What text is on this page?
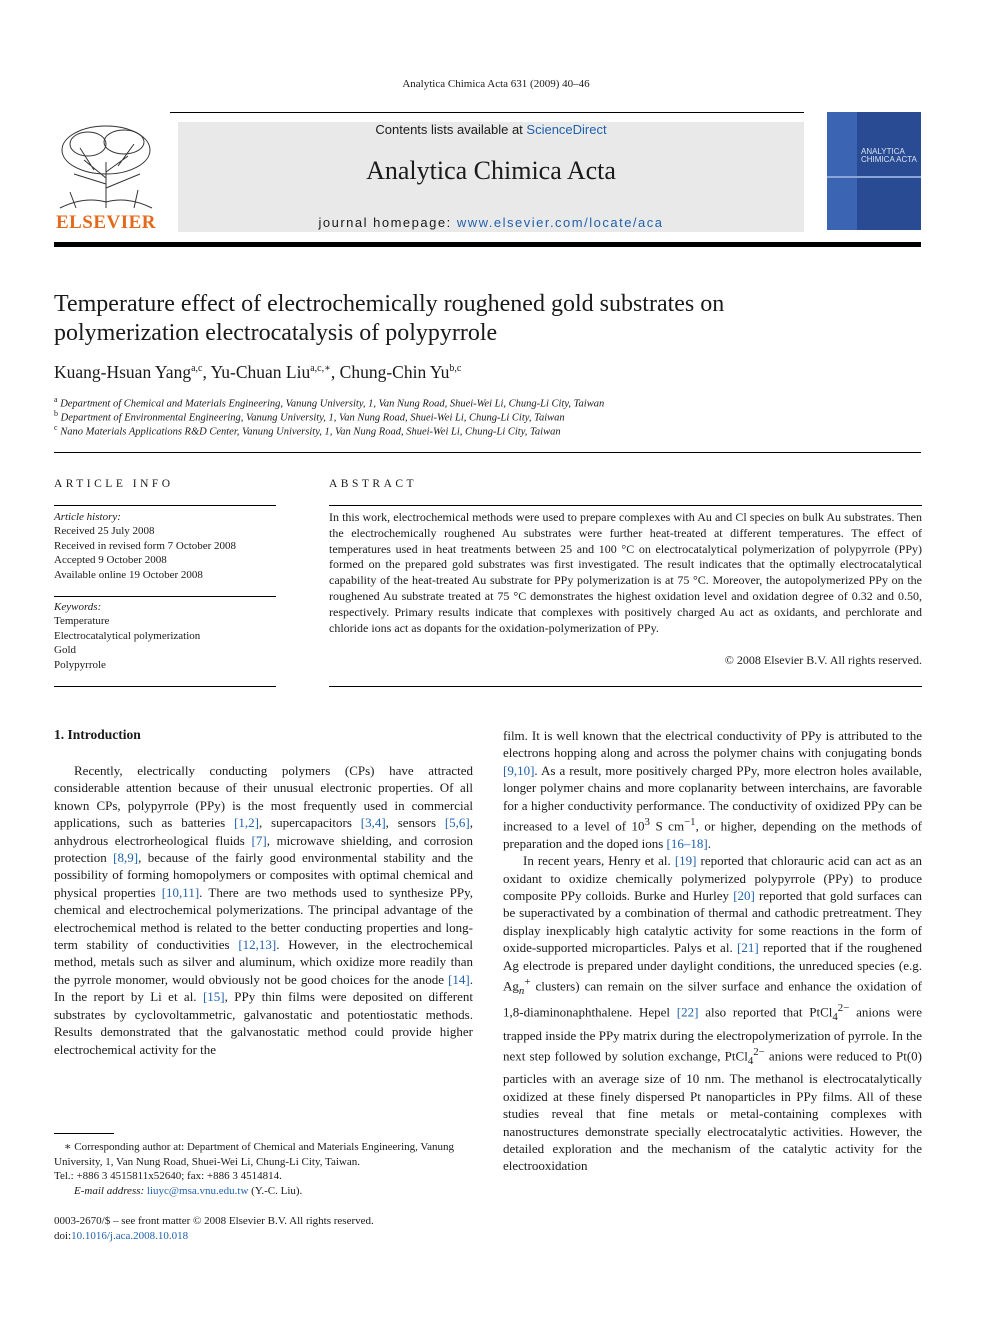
Analytica Chimica Acta 631 (2009) 40–46
ELSEVIER
Contents lists available at ScienceDirect
Analytica Chimica Acta
journal homepage: www.elsevier.com/locate/aca
ANALYTICA CHIMICA ACTA
Temperature effect of electrochemically roughened gold substrates on polymerization electrocatalysis of polypyrrole
Kuang-Hsuan Yang$^{a,c}$, Yu-Chuan Liu$^{a,c,∗}$, Chung-Chin Yu$^{b,c}$
$^a$ Department of Chemical and Materials Engineering, Vanung University, 1, Van Nung Road, Shuei-Wei Li, Chung-Li City, Taiwan
$^b$ Department of Environmental Engineering, Vanung University, 1, Van Nung Road, Shuei-Wei Li, Chung-Li City, Taiwan
$^c$ Nano Materials Applications R&D Center, Vanung University, 1, Van Nung Road, Shuei-Wei Li, Chung-Li City, Taiwan
ARTICLE INFO
Article history:
Received 25 July 2008
Received in revised form 7 October 2008
Accepted 9 October 2008
Available online 19 October 2008
Keywords:
Temperature
Electrocatalytical polymerization
Gold
Polypyrrole
ABSTRACT
In this work, electrochemical methods were used to prepare complexes with Au and Cl species on bulk Au substrates. Then the electrochemically roughened Au substrates were further heat-treated at different temperatures. The effect of temperatures used in heat treatments between 25 and 100 °C on electrocatalytical polymerization of polypyrrole (PPy) formed on the prepared gold substrates was first investigated. The result indicates that the optimally electrocatalytical capability of the heat-treated Au substrate for PPy polymerization is at 75 °C. Moreover, the autopolymerized PPy on the roughened Au substrate treated at 75 °C demonstrates the highest oxidation level and oxidation degree of 0.32 and 0.50, respectively. Primary results indicate that complexes with positively charged Au act as oxidants, and perchlorate and chloride ions act as dopants for the oxidation-polymerization of PPy.
© 2008 Elsevier B.V. All rights reserved.
1. Introduction

Recently, electrically conducting polymers (CPs) have attracted considerable attention because of their unusual electronic properties. Of all known CPs, polypyrrole (PPy) is the most frequently used in commercial applications, such as batteries [1,2], supercapacitors [3,4], sensors [5,6], anhydrous electrorheological fluids [7], microwave shielding, and corrosion protection [8,9], because of the fairly good environmental stability and the possibility of forming homopolymers or composites with optimal chemical and physical properties [10,11]. There are two methods used to synthesize PPy, chemical and electrochemical polymerizations. The principal advantage of the electrochemical method is related to the better conducting properties and long-term stability of conductivities [12,13]. However, in the electrochemical method, metals such as silver and aluminum, which oxidize more readily than the pyrrole monomer, would obviously not be good choices for the anode [14]. In the report by Li et al. [15], PPy thin films were deposited on different substrates by cyclovoltammetric, galvanostatic and potentiostatic methods. Results demonstrated that the galvanostatic method could provide higher electrochemical activity for the

film. It is well known that the electrical conductivity of PPy is attributed to the electrons hopping along and across the polymer chains with conjugating bonds [9,10]. As a result, more positively charged PPy, more electron holes available, longer polymer chains and more coplanarity between interchains, are favorable for a higher conductivity performance. The conductivity of oxidized PPy can be increased to a level of $10^3$ S $cm^{-1}$, or higher, depending on the methods of preparation and the doped ions [16–18].

In recent years, Henry et al. [19] reported that chlorauric acid can act as an oxidant to oxidize chemically polymerized polypyrrole (PPy) to produce composite PPy colloids. Burke and Hurley [20] reported that gold surfaces can be superactivated by a combination of thermal and cathodic pretreatment. They display inexplicably high catalytic activity for some reactions in the form of oxide-supported microparticles. Palys et al. [21] reported that if the roughened Ag electrode is prepared under daylight conditions, the unreduced species (e.g. $Ag_n^+$ clusters) can remain on the silver surface and enhance the oxidation of 1,8-diaminonaphthalene. Hepel [22] also reported that PtCl$_4^{2-}$ anions were trapped inside the PPy matrix during the electropolymerization of pyrrole. In the next step followed by solution exchange, PtCl$_4^{2-}$ anions were reduced to Pt(0) particles with an average size of 10 nm. The methanol is electrocatalytically oxidized at these finely dispersed Pt nanoparticles in PPy films. All of these studies reveal that fine metals or metal-containing complexes with nanostructures demonstrate specially electrocatalytic activities. However, the detailed exploration and the mechanism of the catalytic activity for the electrooxidation

∗ Corresponding author at: Department of Chemical and Materials Engineering, Vanung University, 1, Van Nung Road, Shuei-Wei Li, Chung-Li City, Taiwan.
Tel.: +886 3 4515811x52640; fax: +886 3 4514814.
E-mail address: liuyc@msa.vnu.edu.tw (Y.-C. Liu).
0003-2670/$ – see front matter © 2008 Elsevier B.V. All rights reserved.
doi:10.1016/j.aca.2008.10.018
